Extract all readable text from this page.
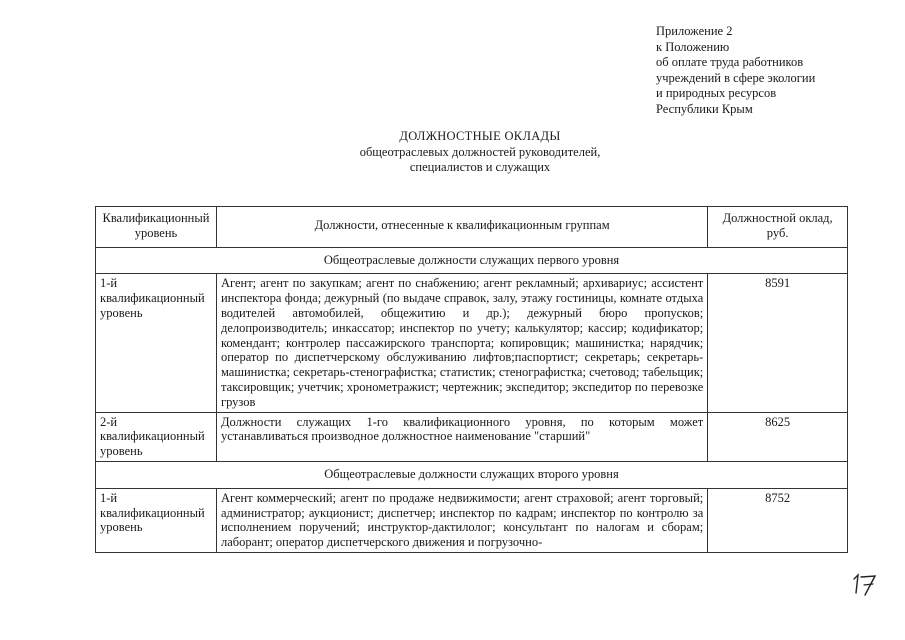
Приложение 2
к Положению
об оплате труда работников
учреждений в сфере экологии
и природных ресурсов
Республики Крым
ДОЛЖНОСТНЫЕ ОКЛАДЫ
общеотраслевых должностей руководителей,
специалистов и служащих
Квалификационный уровень	Должности, отнесенные к квалификационным группам	Должностной оклад, руб.
Общеотраслевые должности служащих первого уровня		
1-й квалификационный уровень	Агент; агент по закупкам; агент по снабжению; агент рекламный; архивариус; ассистент инспектора фонда; дежурный (по выдаче справок, залу, этажу гостиницы, комнате отдыха водителей автомобилей, общежитию и др.); дежурный бюро пропусков; делопроизводитель; инкассатор; инспектор по учету; калькулятор; кассир; кодификатор; комендант; контролер пассажирского транспорта; копировщик; машинистка; нарядчик; оператор по диспетчерскому обслуживанию лифтов;паспортист; секретарь; секретарь-машинистка; секретарь-стенографистка; статистик; стенографистка; счетовод; табельщик; таксировщик; учетчик; хронометражист; чертежник; экспедитор; экспедитор по перевозке грузов	8591
2-й квалификационный уровень	Должности служащих 1-го квалификационного уровня, по которым может устанавливаться производное должностное наименование "старший"	8625
Общеотраслевые должности служащих второго уровня		
1-й квалификационный уровень	Агент коммерческий; агент по продаже недвижимости; агент страховой; агент торговый; администратор; аукционист; диспетчер; инспектор по кадрам; инспектор по контролю за исполнением поручений; инструктор-дактилолог; консультант по налогам и сборам; лаборант; оператор диспетчерского движения и погрузочно-	8752
